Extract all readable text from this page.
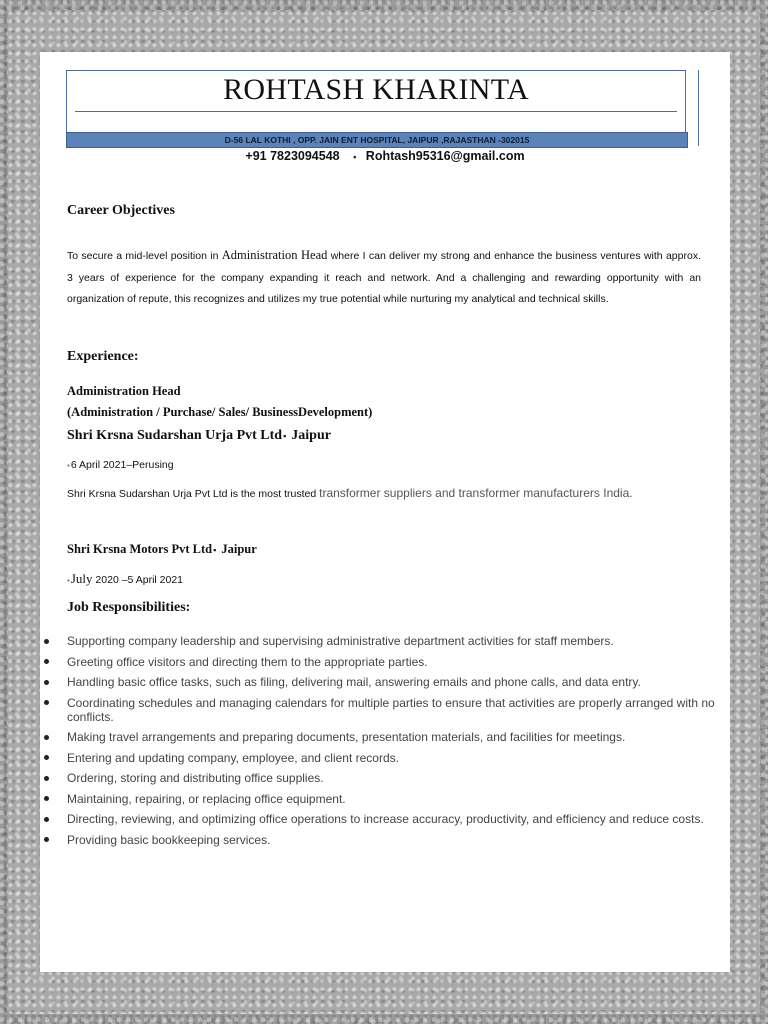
ROHTASH KHARINTA
D-56 LAL KOTHI , OPP. JAIN ENT HOSPITAL, JAIPUR ,RAJASTHAN -302015
+91 7823094548 ▪ Rohtash95316@gmail.com
Career Objectives
To secure a mid-level position in Administration Head where I can deliver my strong and enhance the business ventures with approx. 3 years of experience for the company expanding it reach and network. And a challenging and rewarding opportunity with an organization of repute, this recognizes and utilizes my true potential while nurturing my analytical and technical skills.
Experience:
Administration Head
(Administration / Purchase/ Sales/ BusinessDevelopment)
Shri Krsna Sudarshan Urja Pvt Ltd▪ Jaipur
▪6 April 2021–Perusing
Shri Krsna Sudarshan Urja Pvt Ltd is the most trusted transformer suppliers and transformer manufacturers India.
Shri Krsna Motors Pvt Ltd▪ Jaipur
▪July 2020 –5 April 2021
Job Responsibilities:
Supporting company leadership and supervising administrative department activities for staff members.
Greeting office visitors and directing them to the appropriate parties.
Handling basic office tasks, such as filing, delivering mail, answering emails and phone calls, and data entry.
Coordinating schedules and managing calendars for multiple parties to ensure that activities are properly arranged with no conflicts.
Making travel arrangements and preparing documents, presentation materials, and facilities for meetings.
Entering and updating company, employee, and client records.
Ordering, storing and distributing office supplies.
Maintaining, repairing, or replacing office equipment.
Directing, reviewing, and optimizing office operations to increase accuracy, productivity, and efficiency and reduce costs.
Providing basic bookkeeping services.
